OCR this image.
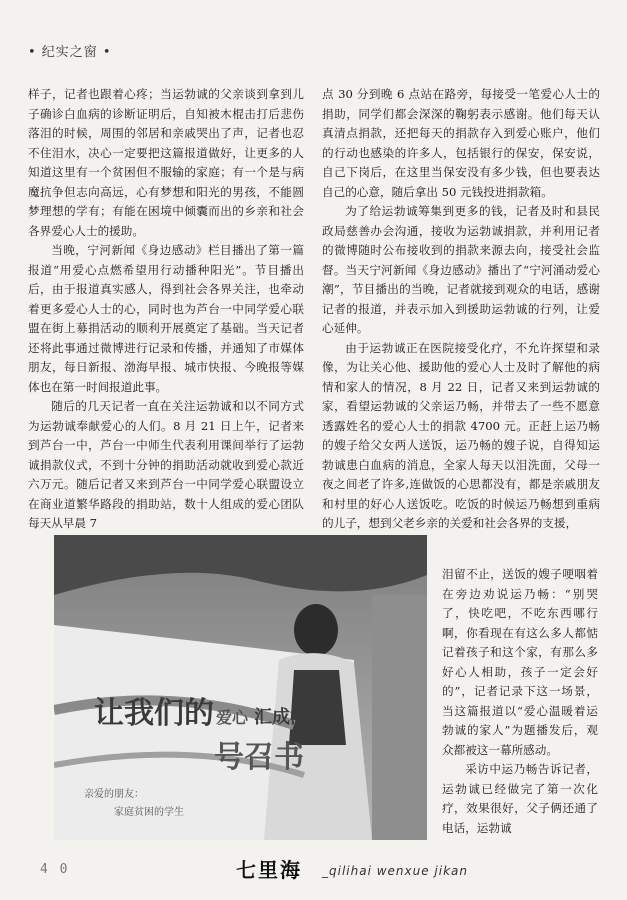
• 纪实之窗 •

样子，记者也跟着心疼；当运勃诚的父亲谈到拿到儿子确诊白血病的诊断证明后，自知被木棍击打后悲伤落泪的时候，周围的邻居和亲戚哭出了声，记者也忍不住泪水，决心一定要把这篇报道做好，让更多的人知道这里有一个贫困但不服输的家庭；有一个是与病魔抗争但志向高远，心有梦想和阳光的男孩，不能圆梦理想的学有；有能在困境中倾囊而出的乡亲和社会各界爱心人士的援助。

当晚，宁河新闻《身边感动》栏目播出了第一篇报道“用爱心点燃希望用行动播种阳光”。节目播出后，由于报道真实感人，得到社会各界关注，也牵动着更多爱心人士的心，同时也为芦台一中同学爱心联盟在街上募捐活动的顺利开展奠定了基础。当天记者还将此事通过微博进行记录和传播，并通知了市媒体朋友，每日新报、渤海早报、城市快报、今晚报等媒体也在第一时间报道此事。

随后的几天记者一直在关注运勃诚和以不同方式为运勃诚奉献爱心的人们。8 月 21 日上午，记者来到芦台一中，芦台一中师生代表利用课间举行了运勃诚捐款仪式，不到十分钟的捐助活动就收到爱心款近六万元。随后记者又来到芦台一中同学爱心联盟设立在商业道繁华路段的捐助站，数十人组成的爱心团队每天从早晨 7

点 30 分到晚 6 点站在路旁，每接受一笔爱心人士的捐助，同学们都会深深的鞠躬表示感谢。他们每天认真清点捐款，还把每天的捐款存入到爱心账户，他们的行动也感染的许多人，包括银行的保安，保安说，自己下岗后，在这里当保安没有多少钱，但也要表达自己的心意，随后拿出 50 元钱投进捐款箱。

为了给运勃诚筹集到更多的钱，记者及时和县民政局慈善办会沟通，接收为运勃诚捐款，并利用记者的微博随时公布接收到的捐款来源去向，接受社会监督。当天宁河新闻《身边感动》播出了“宁河涌动爱心潮”，节目播出的当晚，记者就接到观众的电话，感谢记者的报道，并表示加入到援助运勃诚的行列，让爱心延伸。

由于运勃诚正在医院接受化疗，不允许探望和录像，为让关心他、援助他的爱心人士及时了解他的病情和家人的情况，8 月 22 日，记者又来到运勃诚的家，看望运勃诚的父亲运乃畅，并带去了一些不愿意透露姓名的爱心人士的捐款 4700 元。正赶上运乃畅的嫂子给父女两人送饭，运乃畅的嫂子说，自得知运勃诚患白血病的消息，全家人每天以泪洗面，父母一夜之间老了许多,连做饭的心思都没有，都是亲戚朋友和村里的好心人送饭吃。吃饭的时候运乃畅想到重病的儿子，想到父老乡亲的关爱和社会各界的支援，

让我们的 爱心 汇成海洋
号召书
亲爱的朋友：
家庭贫困的学生

泪留不止，送饭的嫂子哽咽着在旁边劝说运乃畅：“别哭了，快吃吧，不吃东西哪行啊，你看现在有这么多人都惦记着孩子和这个家，有那么多好心人相助，孩子一定会好的”，记者记录下这一场景，当这篇报道以“爱心温暖着运勃诚的家人”为题播发后，观众都被这一幕所感动。

采访中运乃畅告诉记者，运勃诚已经做完了第一次化疗，效果很好，父子俩还通了电话，运勃诚

4 0	七里海 _qilihai wenxue jikan
